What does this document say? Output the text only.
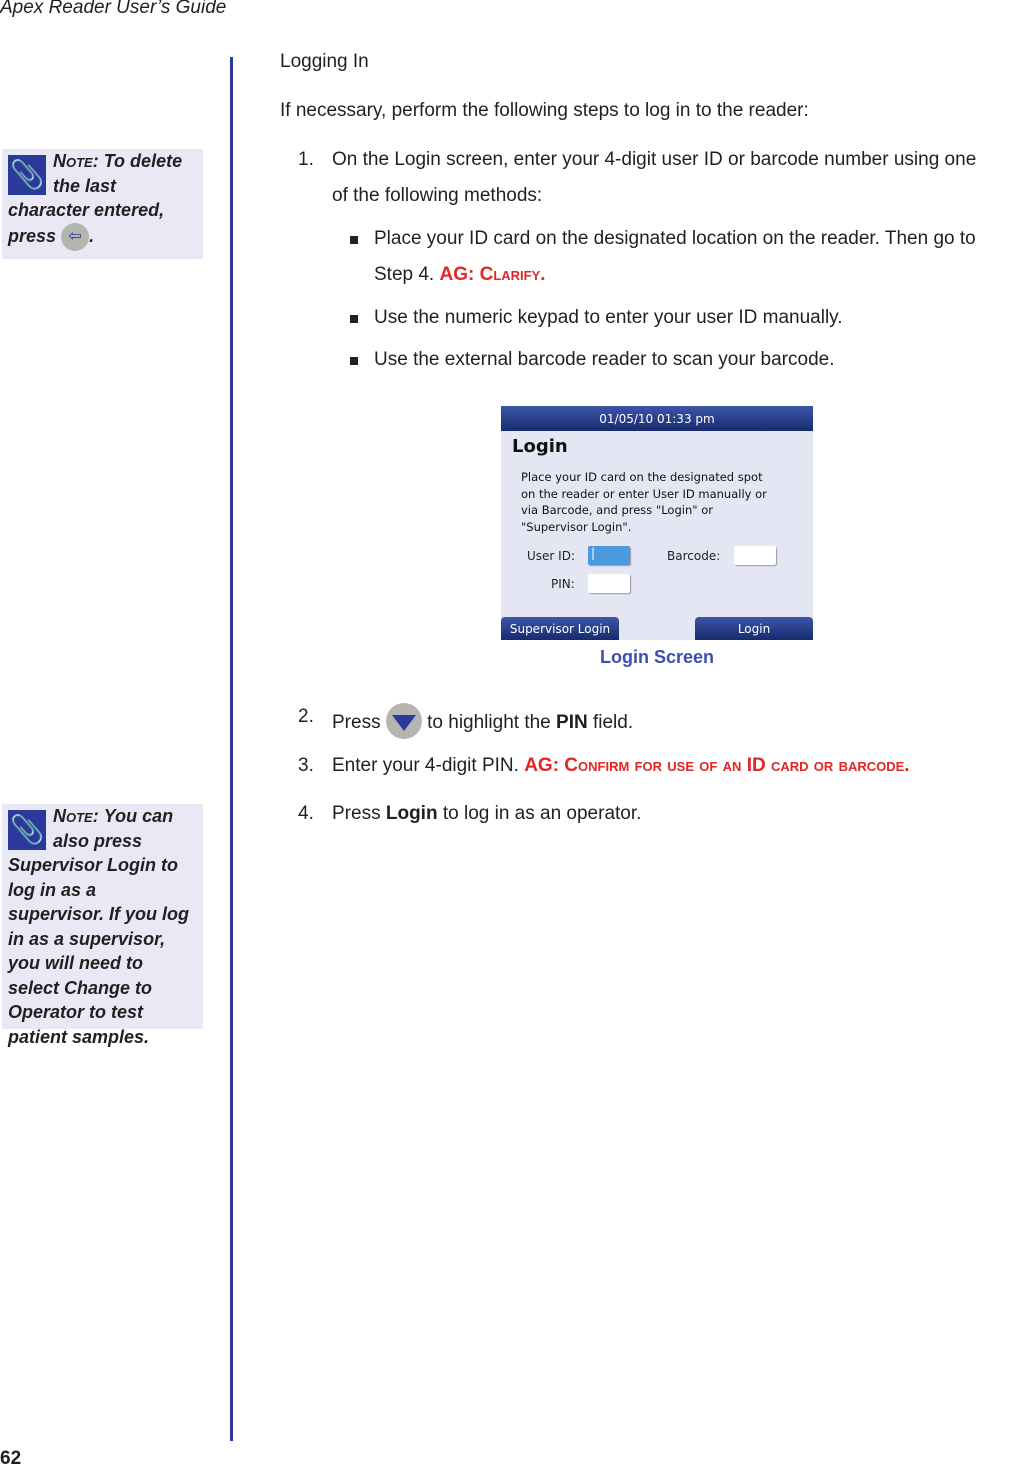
Apex Reader User’s Guide
📎 Note: To delete the last character entered, press ⇦ .
📎 Note: You can also press Supervisor Login to log in as a supervisor. If you log in as a supervisor, you will need to select Change to Operator to test patient samples.
Logging In
If necessary, perform the following steps to log in to the reader:
1. On the Login screen, enter your 4-digit user ID or barcode number using one
of the following methods:
Place your ID card on the designated location on the reader. Then go to
Step 4. AG: Clarify.
Use the numeric keypad to enter your user ID manually.
Use the external barcode reader to scan your barcode.
01/05/10 01:33 pm
Login
Place your ID card on the designated spot
on the reader or enter User ID manually or
via Barcode, and press "Login" or
"Supervisor Login".
User ID: |	Barcode:
PIN:
Supervisor Login	Login
Login Screen
2. Press to highlight the PIN field.
3. Enter your 4-digit PIN. AG: Confirm for use of an ID card or barcode.
4. Press Login to log in as an operator.
62
